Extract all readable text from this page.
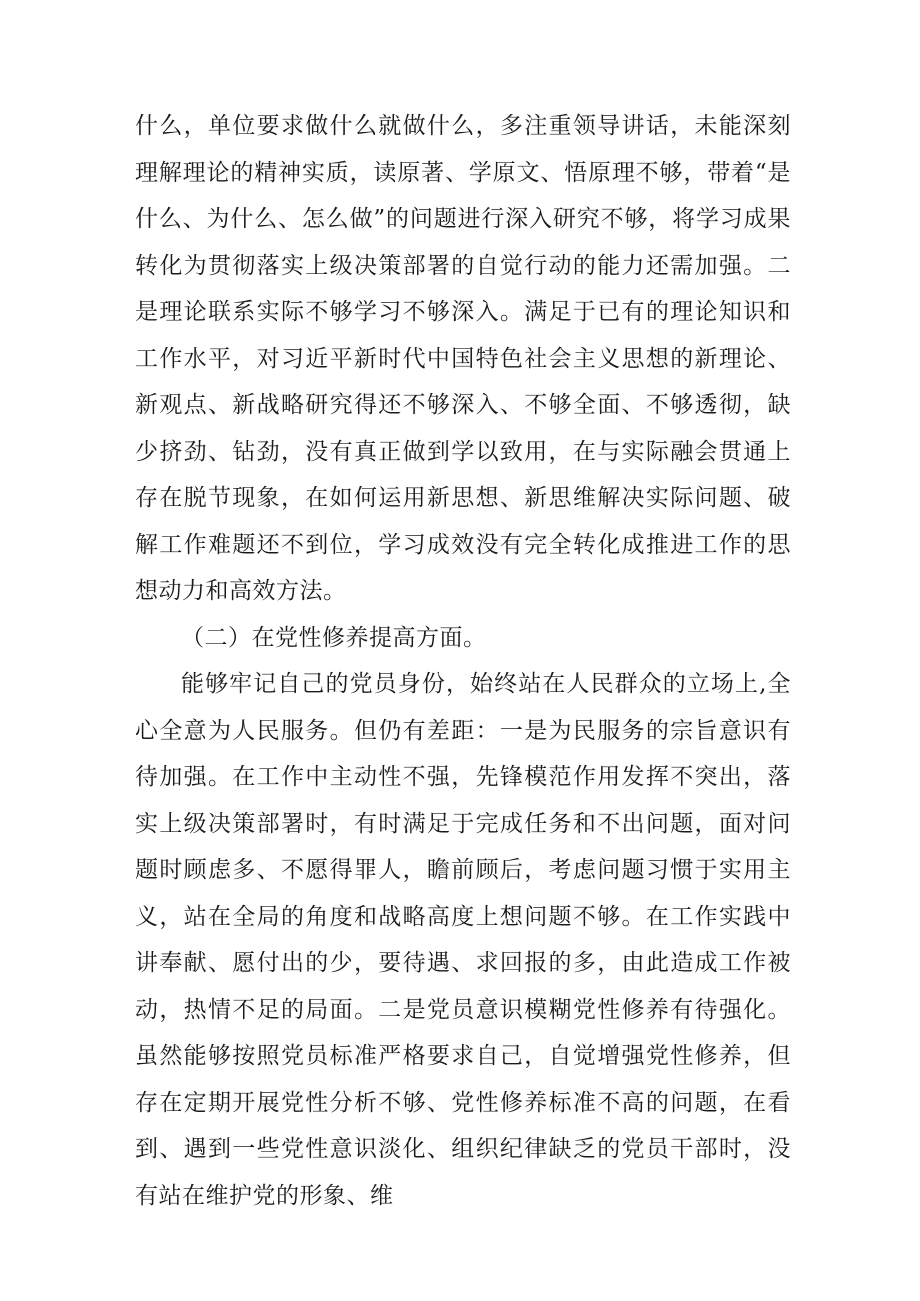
什么，单位要求做什么就做什么，多注重领导讲话，未能深刻理解理论的精神实质，读原著、学原文、悟原理不够，带着“是什么、为什么、怎么做”的问题进行深入研究不够，将学习成果转化为贯彻落实上级决策部署的自觉行动的能力还需加强。二是理论联系实际不够学习不够深入。满足于已有的理论知识和工作水平，对习近平新时代中国特色社会主义思想的新理论、新观点、新战略研究得还不够深入、不够全面、不够透彻，缺少挤劲、钻劲，没有真正做到学以致用，在与实际融会贯通上存在脱节现象，在如何运用新思想、新思维解决实际问题、破解工作难题还不到位，学习成效没有完全转化成推进工作的思想动力和高效方法。

（二）在党性修养提高方面。

能够牢记自己的党员身份，始终站在人民群众的立场上,全心全意为人民服务。但仍有差距：一是为民服务的宗旨意识有待加强。在工作中主动性不强，先锋模范作用发挥不突出，落实上级决策部署时，有时满足于完成任务和不出问题，面对问题时顾虑多、不愿得罪人，瞻前顾后，考虑问题习惯于实用主义，站在全局的角度和战略高度上想问题不够。在工作实践中讲奉献、愿付出的少，要待遇、求回报的多，由此造成工作被动，热情不足的局面。二是党员意识模糊党性修养有待强化。虽然能够按照党员标准严格要求自己，自觉增强党性修养，但存在定期开展党性分析不够、党性修养标准不高的问题，在看到、遇到一些党性意识淡化、组织纪律缺乏的党员干部时，没有站在维护党的形象、维
